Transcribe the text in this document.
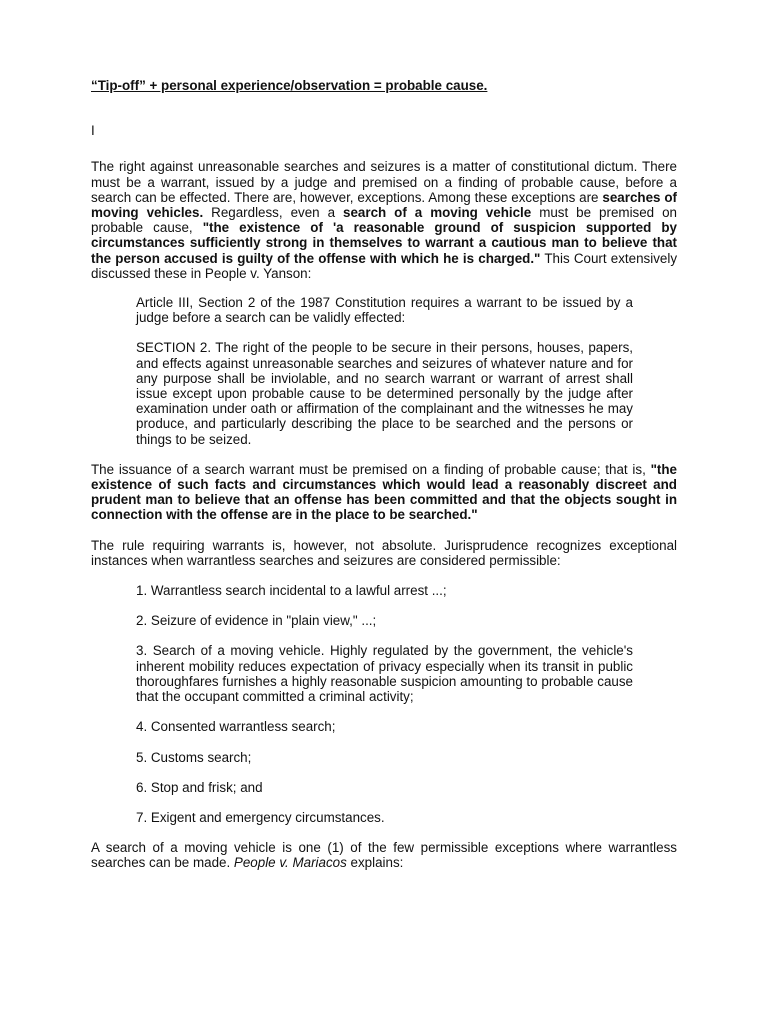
“Tip-off” + personal experience/observation = probable cause.

I

The right against unreasonable searches and seizures is a matter of constitutional dictum. There must be a warrant, issued by a judge and premised on a finding of probable cause, before a search can be effected. There are, however, exceptions. Among these exceptions are searches of moving vehicles. Regardless, even a search of a moving vehicle must be premised on probable cause, "the existence of 'a reasonable ground of suspicion supported by circumstances sufficiently strong in themselves to warrant a cautious man to believe that the person accused is guilty of the offense with which he is charged." This Court extensively discussed these in People v. Yanson:

Article III, Section 2 of the 1987 Constitution requires a warrant to be issued by a judge before a search can be validly effected:

SECTION 2. The right of the people to be secure in their persons, houses, papers, and effects against unreasonable searches and seizures of whatever nature and for any purpose shall be inviolable, and no search warrant or warrant of arrest shall issue except upon probable cause to be determined personally by the judge after examination under oath or affirmation of the complainant and the witnesses he may produce, and particularly describing the place to be searched and the persons or things to be seized.

The issuance of a search warrant must be premised on a finding of probable cause; that is, "the existence of such facts and circumstances which would lead a reasonably discreet and prudent man to believe that an offense has been committed and that the objects sought in connection with the offense are in the place to be searched."

The rule requiring warrants is, however, not absolute. Jurisprudence recognizes exceptional instances when warrantless searches and seizures are considered permissible:

1. Warrantless search incidental to a lawful arrest ...;

2. Seizure of evidence in "plain view," ...;

3. Search of a moving vehicle. Highly regulated by the government, the vehicle's inherent mobility reduces expectation of privacy especially when its transit in public thoroughfares furnishes a highly reasonable suspicion amounting to probable cause that the occupant committed a criminal activity;

4. Consented warrantless search;

5. Customs search;

6. Stop and frisk; and

7. Exigent and emergency circumstances.

A search of a moving vehicle is one (1) of the few permissible exceptions where warrantless searches can be made. People v. Mariacos explains:
